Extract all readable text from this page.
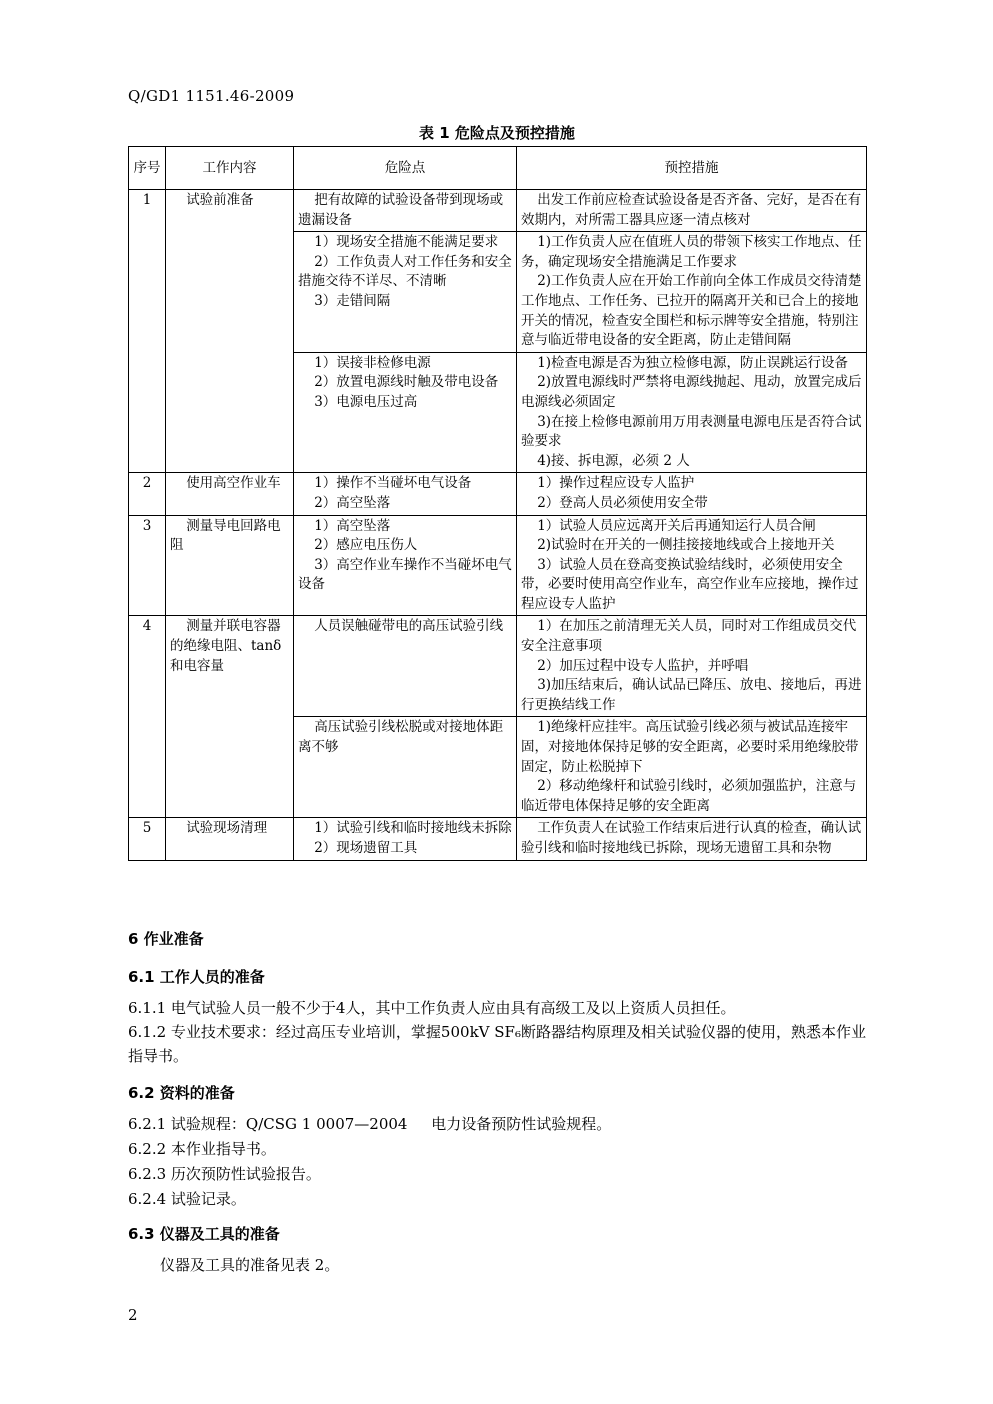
Q/GD1 1151.46-2009
表 1 危险点及预控措施
序号	工作内容	危险点	预控措施
1	试验前准备	把有故障的试验设备带到现场或遗漏设备	出发工作前应检查试验设备是否齐备、完好，是否在有效期内，对所需工器具应逐一清点核对

		1）现场安全措施不能满足要求
2）工作负责人对工作任务和安全措施交待不详尽、不清晰
3）走错间隔	1)工作负责人应在值班人员的带领下核实工作地点、任务，确定现场安全措施满足工作要求
2)工作负责人应在开始工作前向全体工作成员交待清楚工作地点、工作任务、已拉开的隔离开关和已合上的接地开关的情况，检查安全围栏和标示牌等安全措施，特别注意与临近带电设备的安全距离，防止走错间隔

		1）误接非检修电源
2）放置电源线时触及带电设备
3）电源电压过高	1)检查电源是否为独立检修电源，防止误跳运行设备
2)放置电源线时严禁将电源线抛起、甩动，放置完成后电源线必须固定
3)在接上检修电源前用万用表测量电源电压是否符合试验要求
4)接、拆电源，必须 2 人

2	使用高空作业车	1）操作不当碰坏电气设备
2）高空坠落	1）操作过程应设专人监护
2）登高人员必须使用安全带

3	测量导电回路电阻	1）高空坠落
2）感应电压伤人
3）高空作业车操作不当碰坏电气设备	1）试验人员应远离开关后再通知运行人员合闸
2)试验时在开关的一侧挂接接地线或合上接地开关
3）试验人员在登高变换试验结线时，必须使用安全带，必要时使用高空作业车，高空作业车应接地，操作过程应设专人监护

4	测量并联电容器的绝缘电阻、tanδ和电容量	人员误触碰带电的高压试验引线	1）在加压之前清理无关人员，同时对工作组成员交代安全注意事项
2）加压过程中设专人监护，并呼唱
3)加压结束后，确认试品已降压、放电、接地后，再进行更换结线工作

		高压试验引线松脱或对接地体距离不够	1)绝缘杆应挂牢。高压试验引线必须与被试品连接牢固，对接地体保持足够的安全距离，必要时采用绝缘胶带固定，防止松脱掉下
2）移动绝缘杆和试验引线时，必须加强监护，注意与临近带电体保持足够的安全距离

5	试验现场清理	1）试验引线和临时接地线未拆除
2）现场遗留工具	工作负责人在试验工作结束后进行认真的检查，确认试验引线和临时接地线已拆除，现场无遗留工具和杂物
6 作业准备
6.1 工作人员的准备
6.1.1 电气试验人员一般不少于4人，其中工作负责人应由具有高级工及以上资质人员担任。
6.1.2 专业技术要求：经过高压专业培训，掌握500kV SF₆断路器结构原理及相关试验仪器的使用，熟悉本作业指导书。
6.2 资料的准备
6.2.1 试验规程：Q/CSG 1 0007—2004     电力设备预防性试验规程。
6.2.2 本作业指导书。
6.2.3 历次预防性试验报告。
6.2.4 试验记录。
6.3 仪器及工具的准备
仪器及工具的准备见表 2。
2
